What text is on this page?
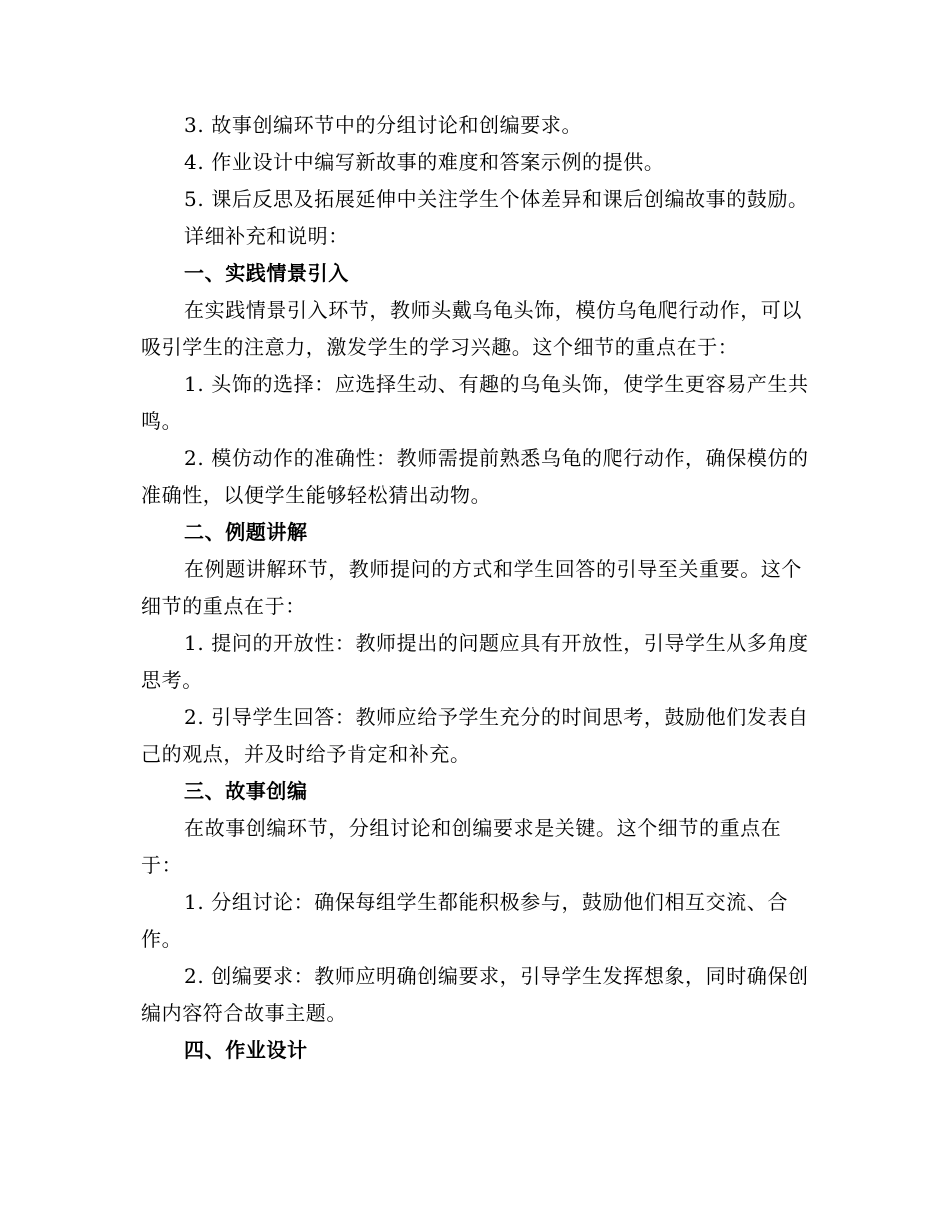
3. 故事创编环节中的分组讨论和创编要求。

4. 作业设计中编写新故事的难度和答案示例的提供。

5. 课后反思及拓展延伸中关注学生个体差异和课后创编故事的鼓励。

详细补充和说明：

一、实践情景引入

在实践情景引入环节，教师头戴乌龟头饰，模仿乌龟爬行动作，可以吸引学生的注意力，激发学生的学习兴趣。这个细节的重点在于：

1. 头饰的选择：应选择生动、有趣的乌龟头饰，使学生更容易产生共鸣。

2. 模仿动作的准确性：教师需提前熟悉乌龟的爬行动作，确保模仿的准确性，以便学生能够轻松猜出动物。

二、例题讲解

在例题讲解环节，教师提问的方式和学生回答的引导至关重要。这个细节的重点在于：

1. 提问的开放性：教师提出的问题应具有开放性，引导学生从多角度思考。

2. 引导学生回答：教师应给予学生充分的时间思考，鼓励他们发表自己的观点，并及时给予肯定和补充。

三、故事创编

在故事创编环节，分组讨论和创编要求是关键。这个细节的重点在于：

1. 分组讨论：确保每组学生都能积极参与，鼓励他们相互交流、合作。

2. 创编要求：教师应明确创编要求，引导学生发挥想象，同时确保创编内容符合故事主题。

四、作业设计
